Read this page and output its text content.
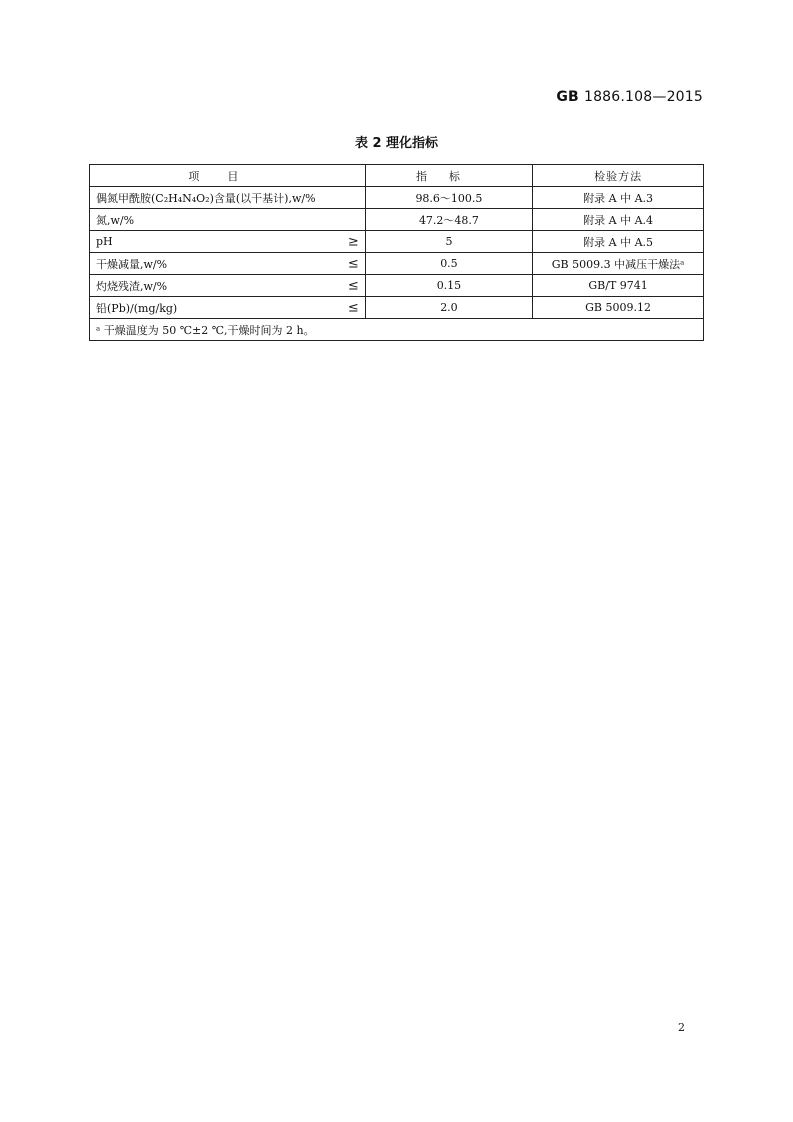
GB 1886.108—2015
表 2 理化指标
项目	指标	检验方法
偶氮甲酰胺(C₂H₄N₄O₂)含量(以干基计),w/%	98.6～100.5	附录 A 中 A.3
氮,w/%	47.2～48.7	附录 A 中 A.4
pH ≥	5	附录 A 中 A.5
干燥减量,w/% ≤	0.5	GB 5009.3 中减压干燥法ᵃ
灼烧残渣,w/% ≤	0.15	GB/T 9741
铅(Pb)/(mg/kg) ≤	2.0	GB 5009.12
ᵃ 干燥温度为 50 ℃±2 ℃,干燥时间为 2 h。		
2
